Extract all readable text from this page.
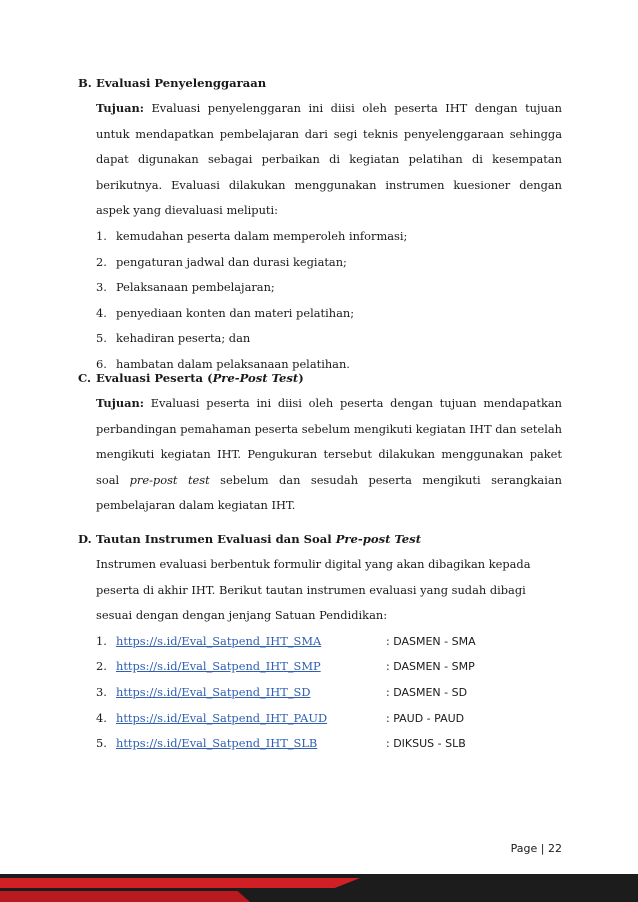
B. Evaluasi Penyelenggaraan

Tujuan: Evaluasi penyelenggaran ini diisi oleh peserta IHT dengan tujuan untuk mendapatkan pembelajaran dari segi teknis penyelenggaraan sehingga dapat digunakan sebagai perbaikan di kegiatan pelatihan di kesempatan berikutnya. Evaluasi dilakukan menggunakan instrumen kuesioner dengan aspek yang dievaluasi meliputi:

1. kemudahan peserta dalam memperoleh informasi;
2. pengaturan jadwal dan durasi kegiatan;
3. Pelaksanaan pembelajaran;
4. penyediaan konten dan materi pelatihan;
5. kehadiran peserta; dan
6. hambatan dalam pelaksanaan pelatihan.
C. Evaluasi Peserta (Pre-Post Test)

Tujuan: Evaluasi peserta ini diisi oleh peserta dengan tujuan mendapatkan perbandingan pemahaman peserta sebelum mengikuti kegiatan IHT dan setelah mengikuti kegiatan IHT. Pengukuran tersebut dilakukan menggunakan paket soal pre-post test sebelum dan sesudah peserta mengikuti serangkaian pembelajaran dalam kegiatan IHT.

D. Tautan Instrumen Evaluasi dan Soal Pre-post Test

Instrumen evaluasi berbentuk formulir digital yang akan dibagikan kepada peserta di akhir IHT. Berikut tautan instrumen evaluasi yang sudah dibagi sesuai dengan dengan jenjang Satuan Pendidikan:

1. https://s.id/Eval_Satpend_IHT_SMA	: DASMEN - SMA
2. https://s.id/Eval_Satpend_IHT_SMP	: DASMEN - SMP
3. https://s.id/Eval_Satpend_IHT_SD	: DASMEN - SD
4. https://s.id/Eval_Satpend_IHT_PAUD	: PAUD - PAUD
5. https://s.id/Eval_Satpend_IHT_SLB	: DIKSUS - SLB
Page | 22
